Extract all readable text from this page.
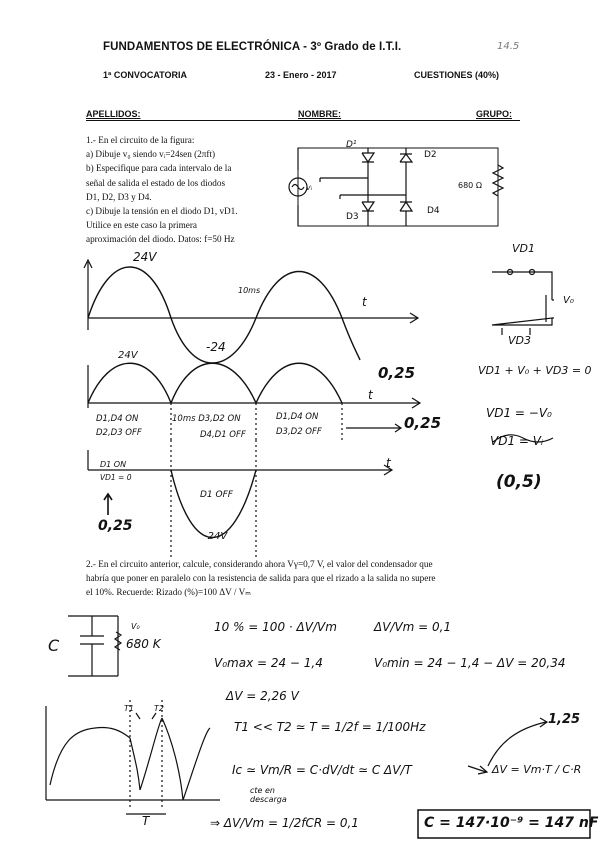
FUNDAMENTOS DE ELECTRÓNICA - 3º Grado de I.T.I.	14.5
1ª CONVOCATORIA	23 - Enero - 2017	CUESTIONES (40%)
APELLIDOS:	NOMBRE:	GRUPO:
1.- En el circuito de la figura:
a) Dibuje v₀ siendo vᵢ=24sen (2πft)
b) Especifique para cada intervalo de la
señal de salida el estado de los diodos
D1, D2, D3 y D4.
c) Dibuje la tensión en el diodo D1, vD1.
Utilice en este caso la primera
aproximación del diodo. Datos: f=50 Hz
D¹
D2
D3
D4
vᵢ	680 Ω
24V
10ms
t
-24
24V
0,25
t
D1,D4 ON
D2,D3 OFF
10ms D3,D2 ON
D4,D1 OFF
D1,D4 ON
D3,D2 OFF	0,25
D1 ON
VD1 = 0
t
D1 OFF
0,25
-24V
VD1
V₀
VD3
VD1 + V₀ + VD3 = 0
VD1 = −V₀
VD1 = Vᵢ
(0,5)
2.- En el circuito anterior, calcule, considerando ahora Vγ=0,7 V, el valor del condensador que
habría que poner en paralelo con la resistencia de salida para que el rizado a la salida no supere
el 10%. Recuerde: Rizado (%)=100 ΔV / Vₘ
C	680 K
V₀	10 % = 100 · ΔV/Vm	ΔV/Vm = 0,1
V₀max = 24 − 1,4	V₀min = 24 − 1,4 − ΔV = 20,34
ΔV = 2,26 V
T1	T2
T
T1 << T2 ≃ T = 1/2f = 1/100Hz	1,25
Ic ≃ Vm/R = C·dV/dt ≃ C ΔV/T	ΔV = Vm·T / C·R
cte en descarga
⇒ ΔV/Vm = 1/2fCR = 0,1	C = 147·10⁻⁹ = 147 nF
